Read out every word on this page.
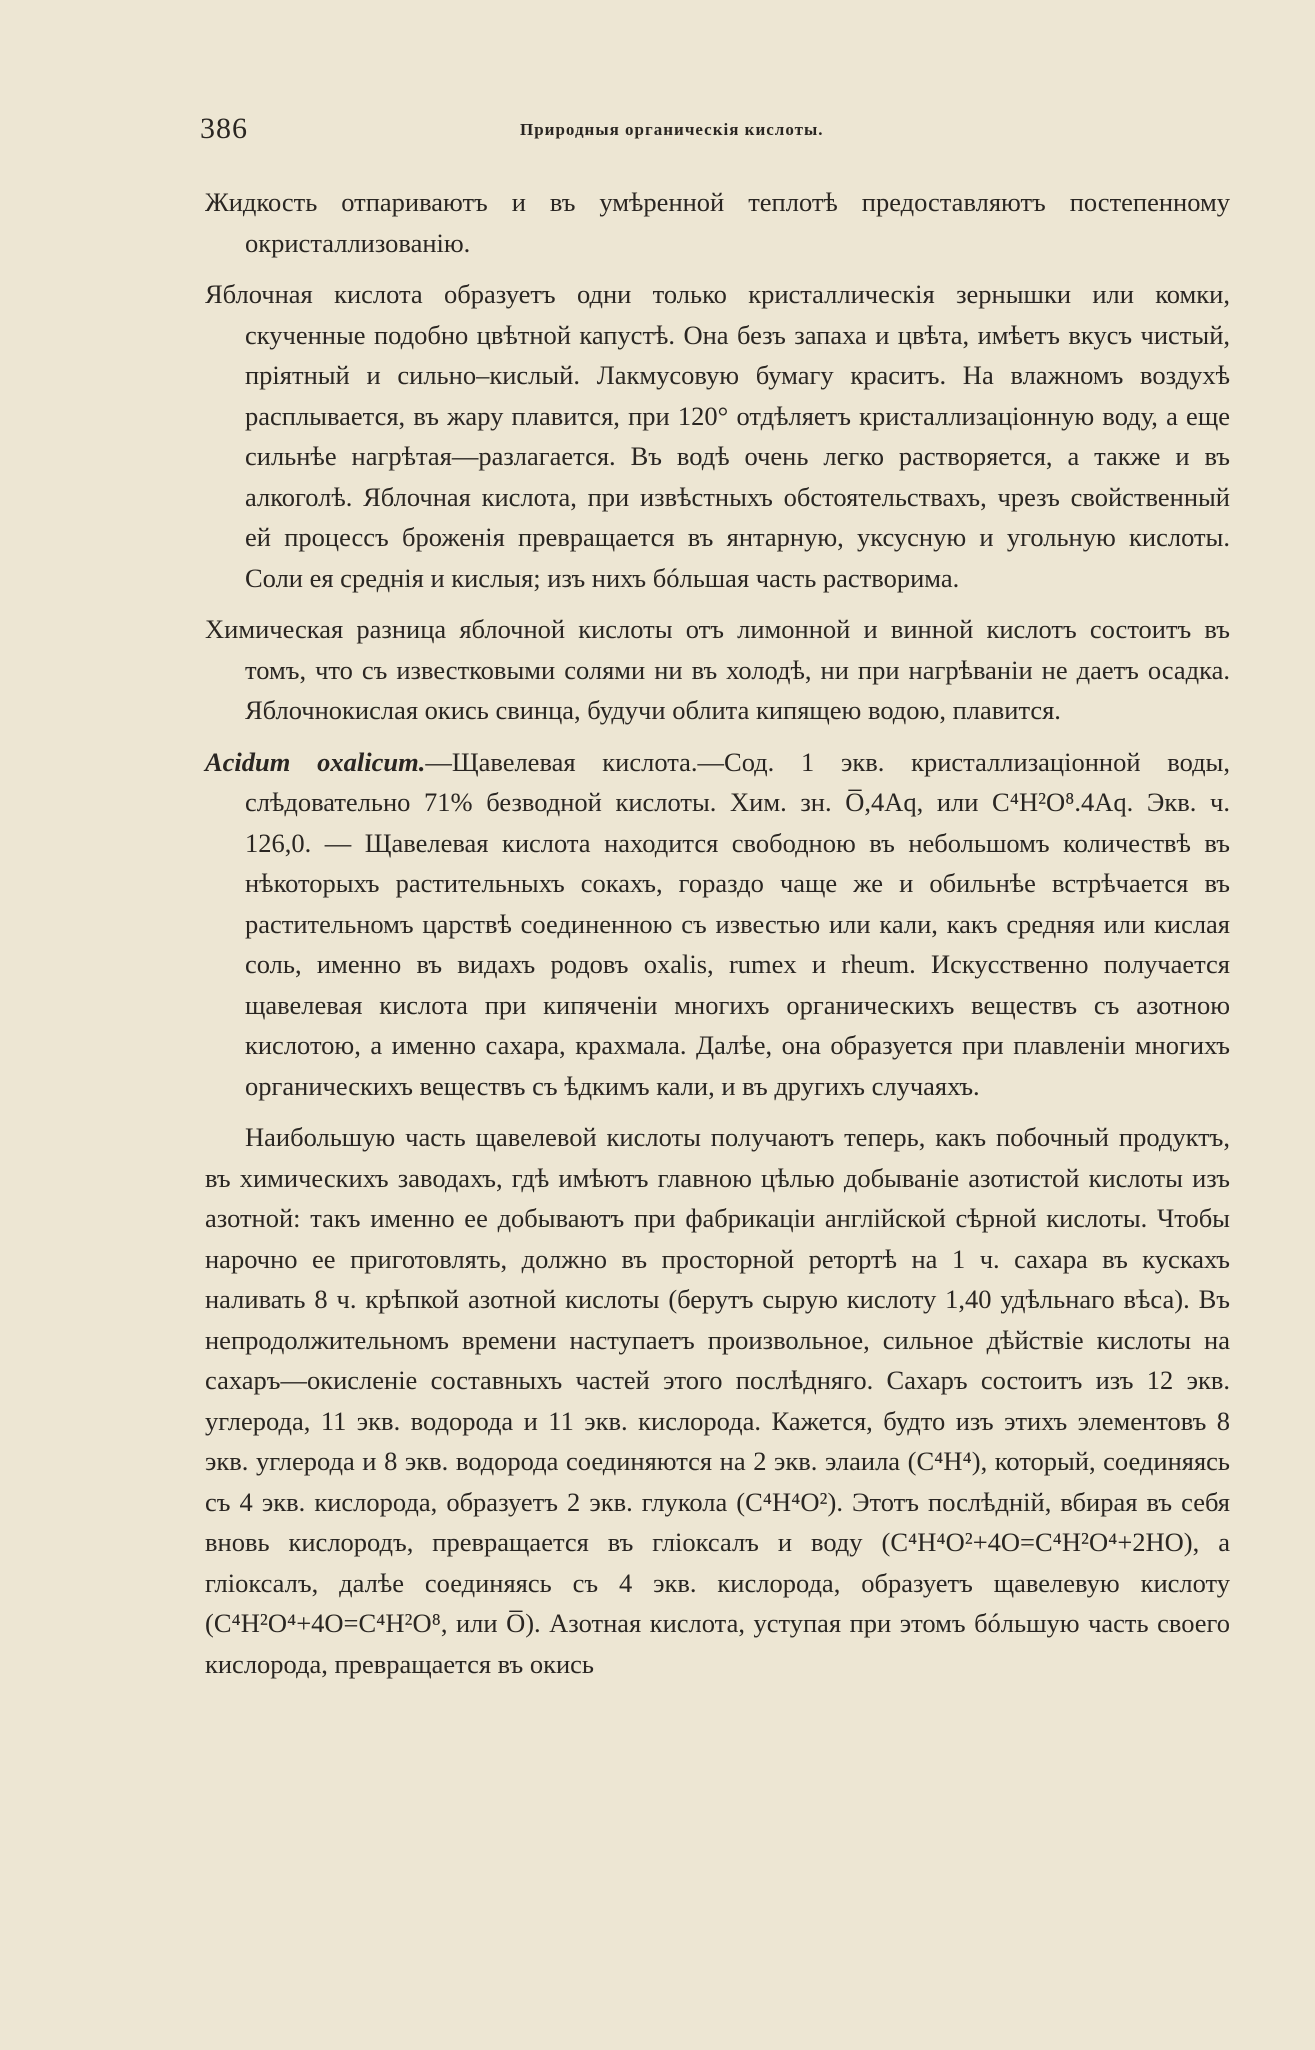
386	Природныя органическія кислоты.

Жидкость отпариваютъ и въ умѣренной теплотѣ предоставляютъ постепенному окристаллизованію.

Яблочная кислота образуетъ одни только кристаллическія зернышки или комки, скученные подобно цвѣтной капустѣ. Она безъ запаха и цвѣта, имѣетъ вкусъ чистый, пріятный и сильно–кислый. Лакмусовую бумагу краситъ. На влажномъ воздухѣ расплывается, въ жару плавится, при 120° отдѣляетъ кристаллизаціонную воду, а еще сильнѣе нагрѣтая—разлагается. Въ водѣ очень легко растворяется, а также и въ алкоголѣ. Яблочная кислота, при извѣстныхъ обстоятельствахъ, чрезъ свойственный ей процессъ броженія превращается въ янтарную, уксусную и угольную кислоты. Соли ея среднія и кислыя; изъ нихъ бóльшая часть растворима.

Химическая разница яблочной кислоты отъ лимонной и винной кислотъ состоитъ въ томъ, что съ известковыми солями ни въ холодѣ, ни при нагрѣваніи не даетъ осадка. Яблочнокислая окись свинца, будучи облита кипящею водою, плавится.

Acidum oxalicum.—Щавелевая кислота.—Сод. 1 экв. кристаллизаціонной воды, слѣдовательно 71% безводной кислоты. Хим. зн. O̅,4Aq, или C⁴H²O⁸.4Aq. Экв. ч. 126,0. — Щавелевая кислота находится свободною въ небольшомъ количествѣ въ нѣкоторыхъ растительныхъ сокахъ, гораздо чаще же и обильнѣе встрѣчается въ растительномъ царствѣ соединенною съ известью или кали, какъ средняя или кислая соль, именно въ видахъ родовъ oxalis, rumex и rheum. Искусственно получается щавелевая кислота при кипяченіи многихъ органическихъ веществъ съ азотною кислотою, а именно сахара, крахмала. Далѣе, она образуется при плавленіи многихъ органическихъ веществъ съ ѣдкимъ кали, и въ другихъ случаяхъ.

Наибольшую часть щавелевой кислоты получаютъ теперь, какъ побочный продуктъ, въ химическихъ заводахъ, гдѣ имѣютъ главною цѣлью добываніе азотистой кислоты изъ азотной: такъ именно ее добываютъ при фабрикаціи англійской сѣрной кислоты. Чтобы нарочно ее приготовлять, должно въ просторной ретортѣ на 1 ч. сахара въ кускахъ наливать 8 ч. крѣпкой азотной кислоты (берутъ сырую кислоту 1,40 удѣльнаго вѣса). Въ непродолжительномъ времени наступаетъ произвольное, сильное дѣйствіе кислоты на сахаръ—окисленіе составныхъ частей этого послѣдняго. Сахаръ состоитъ изъ 12 экв. углерода, 11 экв. водорода и 11 экв. кислорода. Кажется, будто изъ этихъ элементовъ 8 экв. углерода и 8 экв. водорода соединяются на 2 экв. элаила (C⁴H⁴), который, соединяясь съ 4 экв. кислорода, образуетъ 2 экв. глукола (C⁴H⁴O²). Этотъ послѣдній, вбирая въ себя вновь кислородъ, превращается въ гліоксалъ и воду (C⁴H⁴O²+4O=C⁴H²O⁴+2HO), а гліоксалъ, далѣе соединяясь съ 4 экв. кислорода, образуетъ щавелевую кислоту (C⁴H²O⁴+4O=C⁴H²O⁸, или O̅). Азотная кислота, уступая при этомъ бóльшую часть своего кислорода, превращается въ окись
